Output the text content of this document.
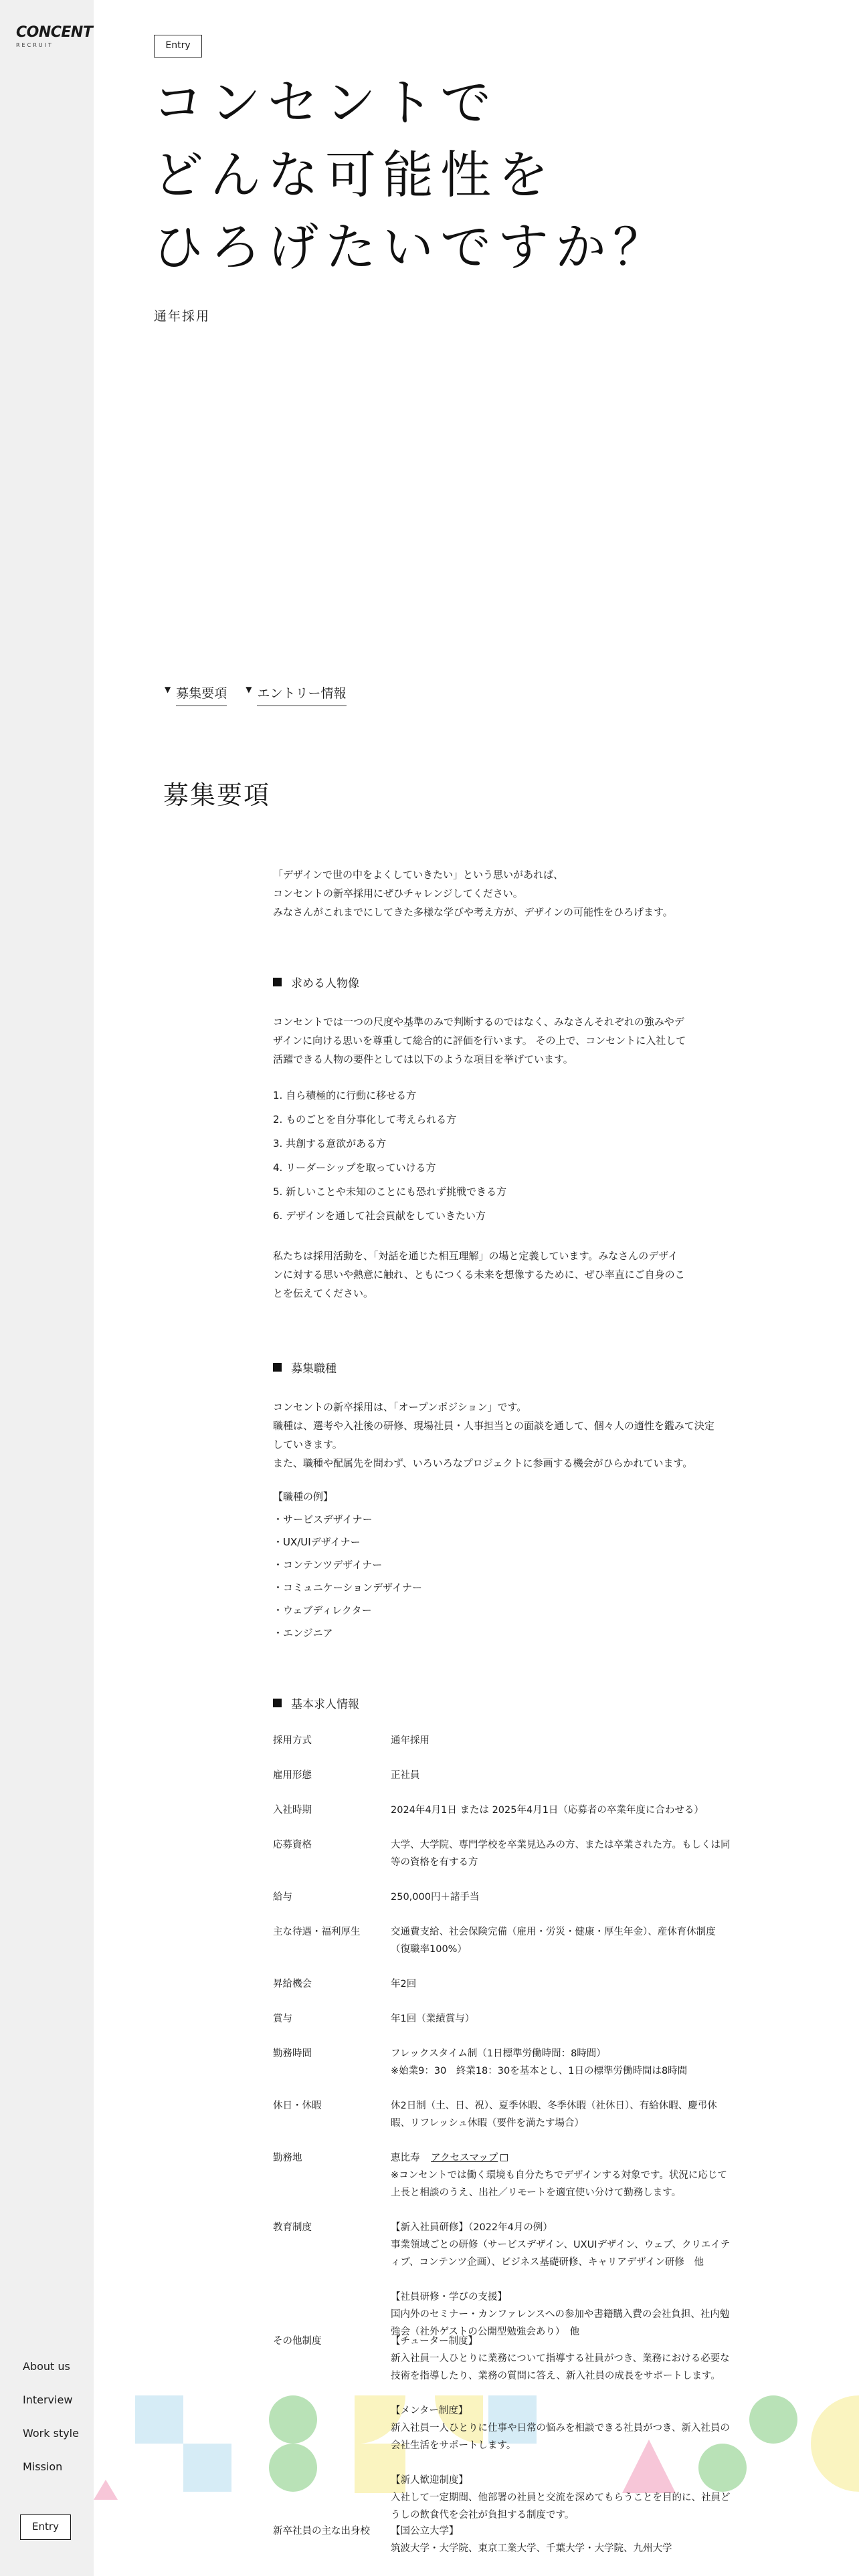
CONCENT
RECRUIT
About us
Interview
Work style
Mission
Entry
Entry
コンセントで
どんな可能性を
ひろげたいですか？
通年採用
▼ 募集要項 ▼ エントリー情報
募集要項
「デザインで世の中をよくしていきたい」という思いがあれば、
コンセントの新卒採用にぜひチャレンジしてください。
みなさんがこれまでにしてきた多様な学びや考え方が、デザインの可能性をひろげます。
求める人物像
コンセントでは一つの尺度や基準のみで判断するのではなく、みなさんそれぞれの強みやデ
ザインに向ける思いを尊重して総合的に評価を行います。 その上で、コンセントに入社して
活躍できる人物の要件としては以下のような項目を挙げています。
1. 自ら積極的に行動に移せる方
2. ものごとを自分事化して考えられる方
3. 共創する意欲がある方
4. リーダーシップを取っていける方
5. 新しいことや未知のことにも恐れず挑戦できる方
6. デザインを通して社会貢献をしていきたい方
私たちは採用活動を、「対話を通じた相互理解」の場と定義しています。みなさんのデザイ
ンに対する思いや熱意に触れ、ともにつくる未来を想像するために、ぜひ率直にご自身のこ
とを伝えてください。
募集職種
コンセントの新卒採用は、「オープンポジション」です。
職種は、選考や入社後の研修、現場社員・人事担当との面談を通して、個々人の適性を鑑みて決定
していきます。
また、職種や配属先を問わず、いろいろなプロジェクトに参画する機会がひらかれています。
【職種の例】
・サービスデザイナー
・UX/UIデザイナー
・コンテンツデザイナー
・コミュニケーションデザイナー
・ウェブディレクター
・エンジニア
基本求人情報
採用方式	通年採用
雇用形態	正社員
入社時期	2024年4月1日 または 2025年4月1日（応募者の卒業年度に合わせる）
応募資格	大学、大学院、専門学校を卒業見込みの方、または卒業された方。もしくは同
等の資格を有する方
給与	250,000円＋諸手当
主な待遇・福利厚生	交通費支給、社会保険完備（雇用・労災・健康・厚生年金）、産休育休制度
（復職率100%）
昇給機会	年2回
賞与	年1回（業績賞与）
勤務時間	フレックスタイム制（1日標準労働時間：8時間）
※始業9：30　終業18：30を基本とし、1日の標準労働時間は8時間
休日・休暇	休2日制（土、日、祝）、夏季休暇、冬季休暇（社休日）、有給休暇、慶弔休
暇、リフレッシュ休暇（要件を満たす場合）
勤務地	恵比寿 アクセスマップ
※コンセントでは働く環境も自分たちでデザインする対象です。状況に応じて
上長と相談のうえ、出社／リモートを適宜使い分けて勤務します。
教育制度	【新入社員研修】（2022年4月の例）
事業領域ごとの研修（サービスデザイン、UXUIデザイン、ウェブ、クリエイテ
ィブ、コンテンツ企画）、ビジネス基礎研修、キャリアデザイン研修　他
【社員研修・学びの支援】
国内外のセミナー・カンファレンスへの参加や書籍購入費の会社負担、社内勉
強会（社外ゲストの公開型勉強会あり）　他
その他制度	【チューター制度】
新入社員一人ひとりに業務について指導する社員がつき、業務における必要な
技術を指導したり、業務の質問に答え、新入社員の成長をサポートします。
【メンター制度】
新入社員一人ひとりに仕事や日常の悩みを相談できる社員がつき、新入社員の
会社生活をサポートします。
【新人歓迎制度】
入社して一定期間、他部署の社員と交流を深めてもらうことを目的に、社員ど
うしの飲食代を会社が負担する制度です。
新卒社員の主な出身校	【国公立大学】
筑波大学・大学院、東京工業大学、千葉大学・大学院、九州大学
